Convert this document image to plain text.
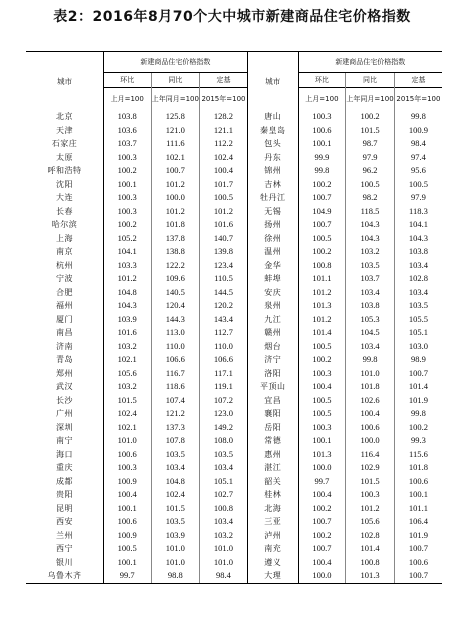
表2：2016年8月70个大中城市新建商品住宅价格指数
城市	新建商品住宅价格指数			城市	新建商品住宅价格指数		
	环比	同比	定基		环比	同比	定基
	上月=100	上年同月=100	2015年=100		上月=100	上年同月=100	2015年=100
北京	103.8	125.8	128.2	唐山	100.3	100.2	99.8
天津	103.6	121.0	121.1	秦皇岛	100.6	101.5	100.9
石家庄	103.7	111.6	112.2	包头	100.1	98.7	98.4
太原	100.3	102.1	102.4	丹东	99.9	97.9	97.4
呼和浩特	100.2	100.7	100.4	锦州	99.8	96.2	95.6
沈阳	100.1	101.2	101.7	吉林	100.2	100.5	100.5
大连	100.3	100.0	100.5	牡丹江	100.7	98.2	97.9
长春	100.3	101.2	101.2	无锡	104.9	118.5	118.3
哈尔滨	100.2	101.8	101.6	扬州	100.7	104.3	104.1
上海	105.2	137.8	140.7	徐州	100.5	104.3	104.3
南京	104.1	138.8	139.8	温州	100.2	103.2	103.8
杭州	103.3	122.2	123.4	金华	100.8	103.5	103.4
宁波	101.2	109.6	110.5	蚌埠	101.1	103.7	102.8
合肥	104.8	140.5	144.5	安庆	101.2	103.4	103.4
福州	104.3	120.4	120.2	泉州	101.3	103.8	103.5
厦门	103.9	144.3	143.4	九江	101.2	105.3	105.5
南昌	101.6	113.0	112.7	赣州	101.4	104.5	105.1
济南	103.2	110.0	110.0	烟台	100.5	103.4	103.0
青岛	102.1	106.6	106.6	济宁	100.2	99.8	98.9
郑州	105.6	116.7	117.1	洛阳	100.3	101.0	100.7
武汉	103.2	118.6	119.1	平顶山	100.4	101.8	101.4
长沙	101.5	107.4	107.2	宜昌	100.5	102.6	101.9
广州	102.4	121.2	123.0	襄阳	100.5	100.4	99.8
深圳	102.1	137.3	149.2	岳阳	100.3	100.6	100.2
南宁	101.0	107.8	108.0	常德	100.1	100.0	99.3
海口	100.6	103.5	103.5	惠州	101.3	116.4	115.6
重庆	100.3	103.4	103.4	湛江	100.0	102.9	101.8
成都	100.9	104.8	105.1	韶关	99.7	101.5	100.6
贵阳	100.4	102.4	102.7	桂林	100.4	100.3	100.1
昆明	100.1	101.5	100.8	北海	100.2	101.2	101.1
西安	100.6	103.5	103.4	三亚	100.7	105.6	106.4
兰州	100.9	103.9	103.2	泸州	100.2	102.8	101.9
西宁	100.5	101.0	101.0	南充	100.7	101.4	100.7
银川	100.1	101.0	101.0	遵义	100.4	100.8	100.6
乌鲁木齐	99.7	98.8	98.4	大理	100.0	101.3	100.7
